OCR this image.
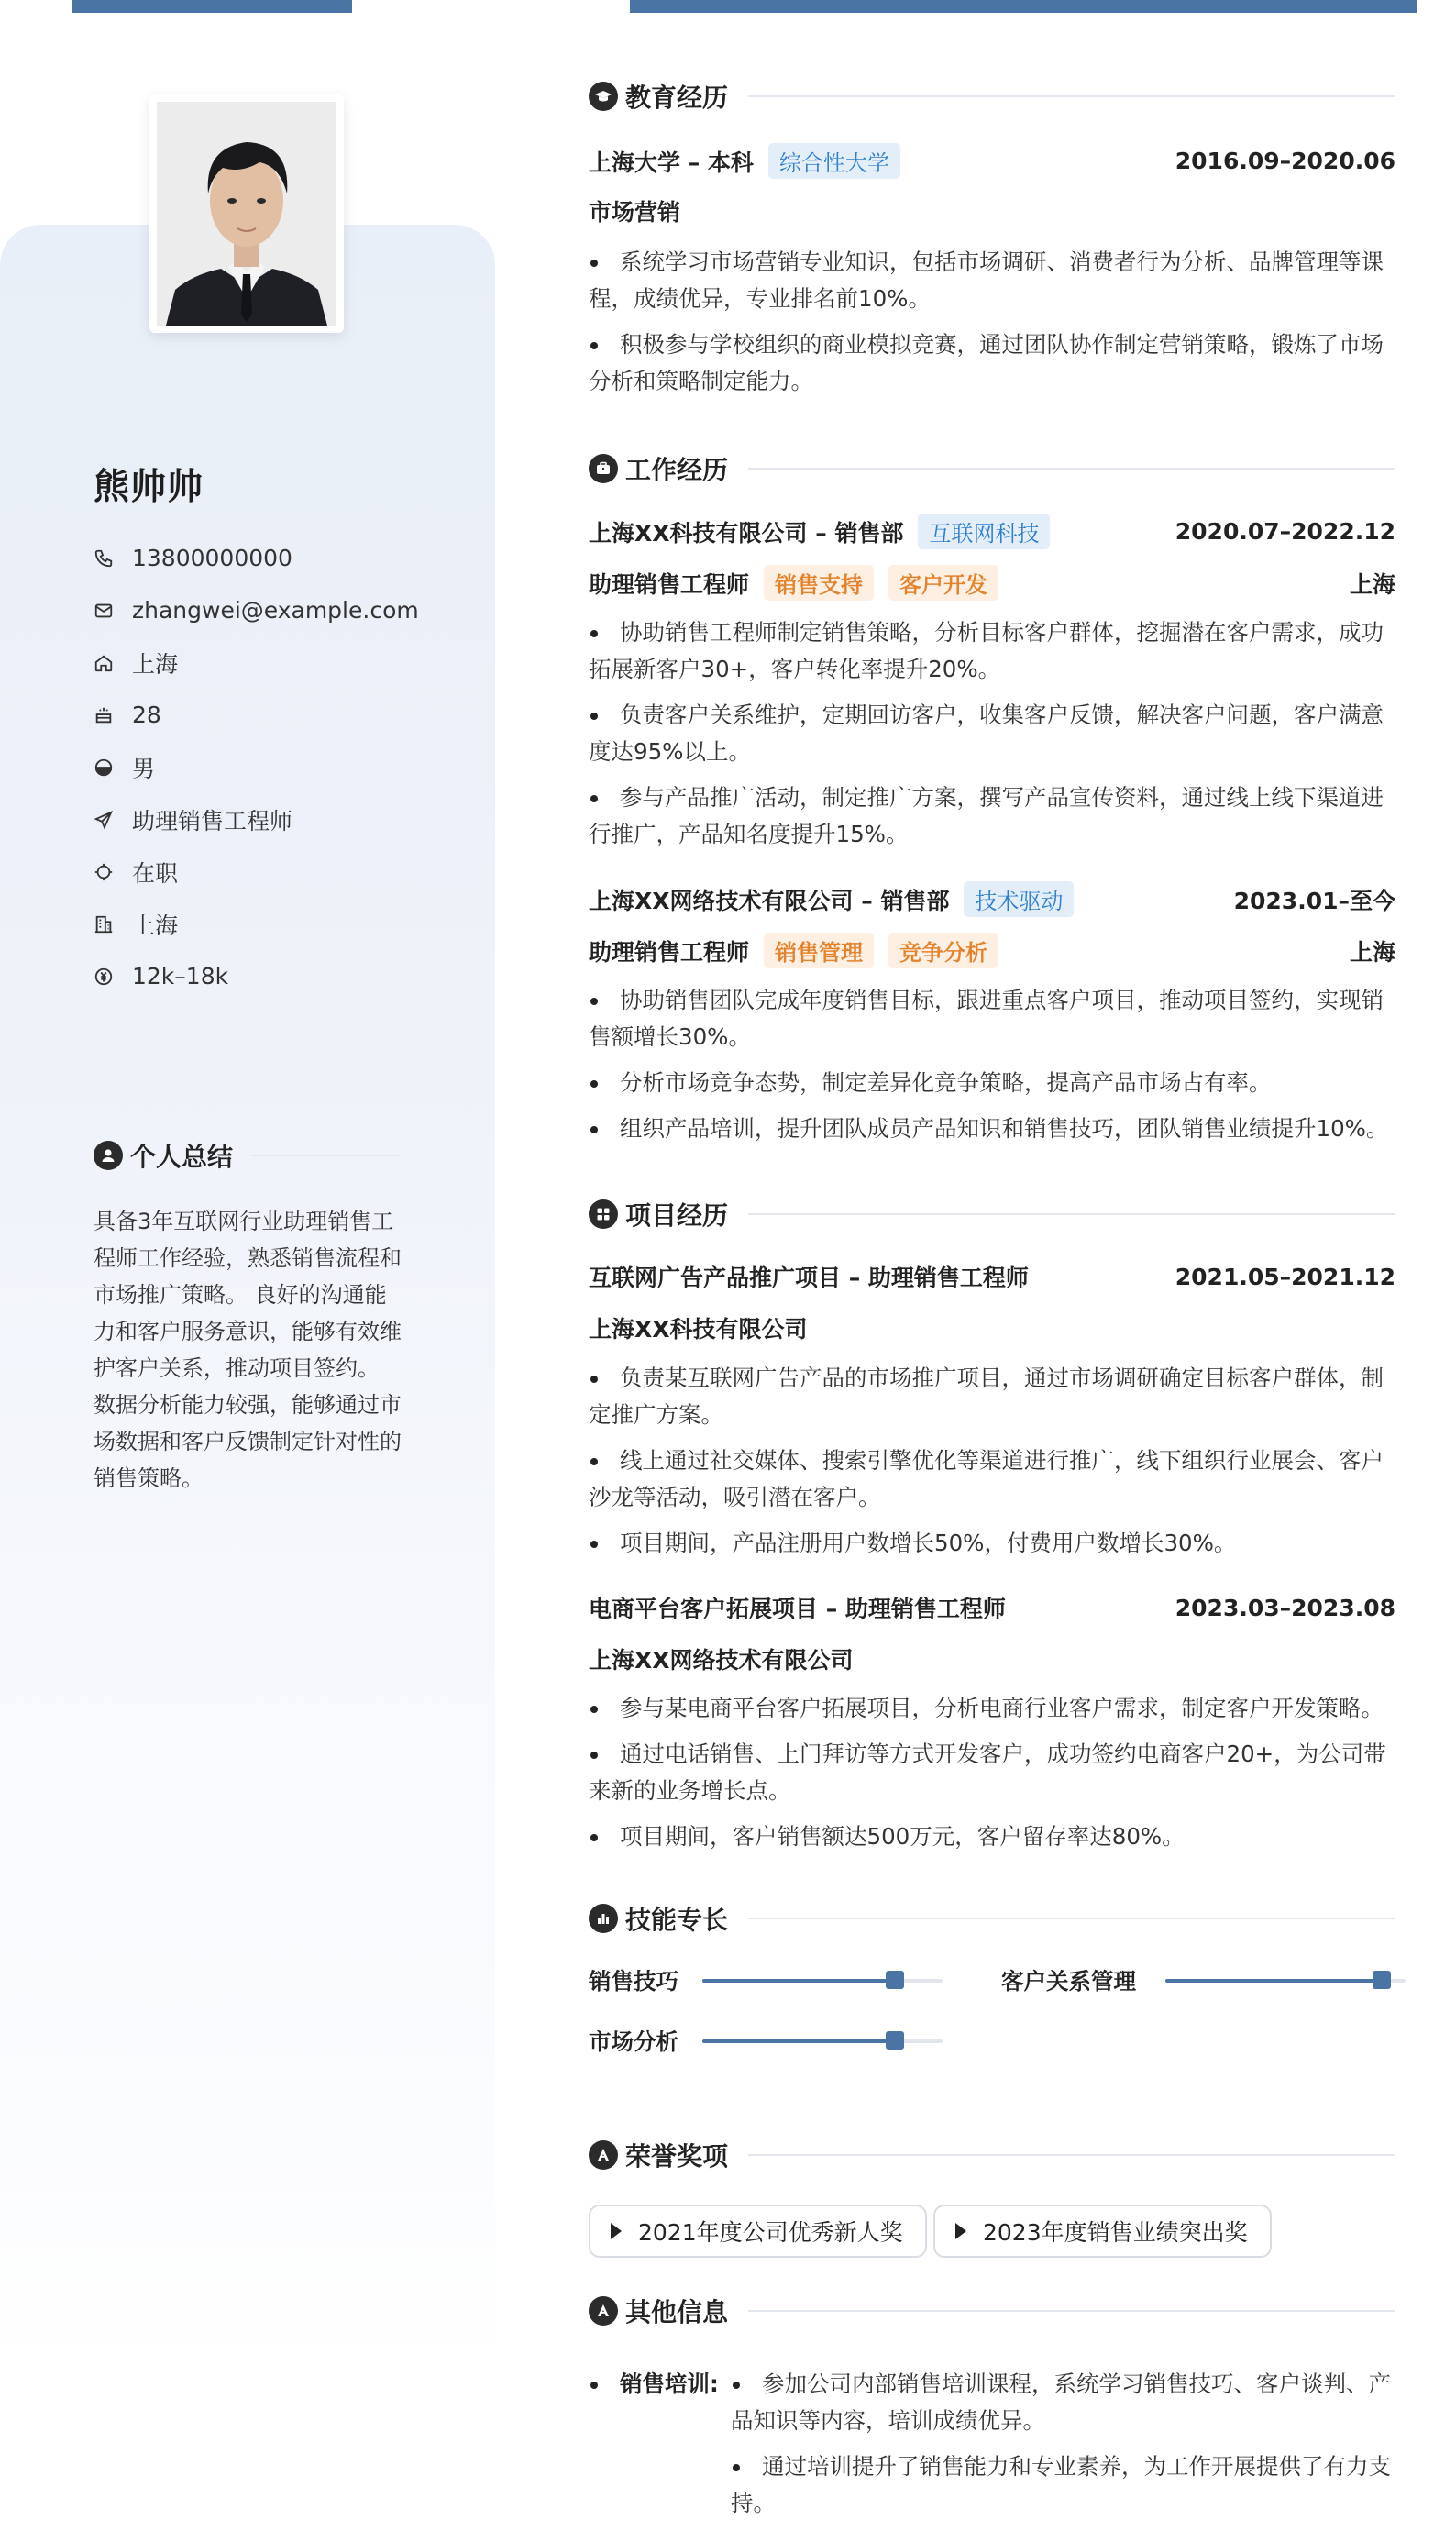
熊帅帅
13800000000
zhangwei@example.com
上海
28
男
助理销售工程师
在职
上海
12k–18k
个人总结
具备3年互联网行业助理销售工程师工作经验，熟悉销售流程和市场推广策略。 良好的沟通能力和客户服务意识，能够有效维护客户关系，推动项目签约。 数据分析能力较强，能够通过市场数据和客户反馈制定针对性的销售策略。
教育经历
上海大学 – 本科	综合性大学	2016.09–2020.06
市场营销
系统学习市场营销专业知识，包括市场调研、消费者行为分析、品牌管理等课程，成绩优异，专业排名前10%。
积极参与学校组织的商业模拟竞赛，通过团队协作制定营销策略，锻炼了市场分析和策略制定能力。
工作经历
上海XX科技有限公司 – 销售部	互联网科技	2020.07–2022.12
助理销售工程师	销售支持	客户开发	上海
协助销售工程师制定销售策略，分析目标客户群体，挖掘潜在客户需求，成功拓展新客户30+，客户转化率提升20%。
负责客户关系维护，定期回访客户，收集客户反馈，解决客户问题，客户满意度达95%以上。
参与产品推广活动，制定推广方案，撰写产品宣传资料，通过线上线下渠道进行推广，产品知名度提升15%。
上海XX网络技术有限公司 – 销售部	技术驱动	2023.01–至今
助理销售工程师	销售管理	竞争分析	上海
协助销售团队完成年度销售目标，跟进重点客户项目，推动项目签约，实现销售额增长30%。
分析市场竞争态势，制定差异化竞争策略，提高产品市场占有率。
组织产品培训，提升团队成员产品知识和销售技巧，团队销售业绩提升10%。
项目经历
互联网广告产品推广项目 – 助理销售工程师	2021.05–2021.12
上海XX科技有限公司
负责某互联网广告产品的市场推广项目，通过市场调研确定目标客户群体，制定推广方案。
线上通过社交媒体、搜索引擎优化等渠道进行推广，线下组织行业展会、客户沙龙等活动，吸引潜在客户。
项目期间，产品注册用户数增长50%，付费用户数增长30%。
电商平台客户拓展项目 – 助理销售工程师	2023.03–2023.08
上海XX网络技术有限公司
参与某电商平台客户拓展项目，分析电商行业客户需求，制定客户开发策略。
通过电话销售、上门拜访等方式开发客户，成功签约电商客户20+，为公司带来新的业务增长点。
项目期间，客户销售额达500万元，客户留存率达80%。
技能专长
销售技巧	客户关系管理
市场分析
荣誉奖项
2021年度公司优秀新人奖	2023年度销售业绩突出奖
其他信息
销售培训:	参加公司内部销售培训课程，系统学习销售技巧、客户谈判、产品知识等内容，培训成绩优异。
通过培训提升了销售能力和专业素养，为工作开展提供了有力支持。
